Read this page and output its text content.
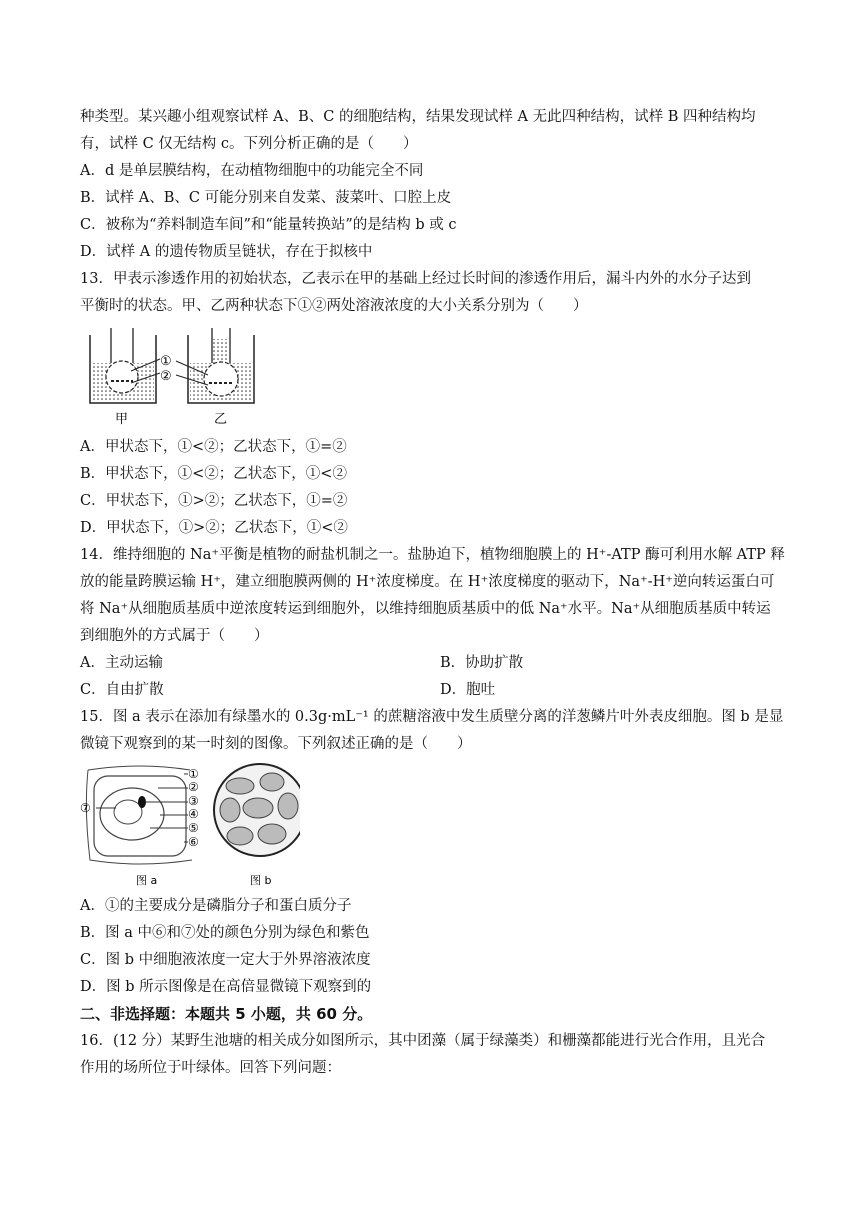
种类型。某兴趣小组观察试样 A、B、C 的细胞结构，结果发现试样 A 无此四种结构，试样 B 四种结构均
有，试样 C 仅无结构 c。下列分析正确的是（　　）
A．d 是单层膜结构，在动植物细胞中的功能完全不同
B．试样 A、B、C 可能分别来自发菜、菠菜叶、口腔上皮
C．被称为“养料制造车间”和“能量转换站”的是结构 b 或 c
D．试样 A 的遗传物质呈链状，存在于拟核中
13．甲表示渗透作用的初始状态，乙表示在甲的基础上经过长时间的渗透作用后，漏斗内外的水分子达到
平衡时的状态。甲、乙两种状态下①②两处溶液浓度的大小关系分别为（　　）
①
②
甲	乙
A．甲状态下，①<②；乙状态下，①=②
B．甲状态下，①<②；乙状态下，①<②
C．甲状态下，①>②；乙状态下，①=②
D．甲状态下，①>②；乙状态下，①<②
14．维持细胞的 Na⁺平衡是植物的耐盐机制之一。盐胁迫下，植物细胞膜上的 H⁺-ATP 酶可利用水解 ATP 释
放的能量跨膜运输 H⁺，建立细胞膜两侧的 H⁺浓度梯度。在 H⁺浓度梯度的驱动下，Na⁺-H⁺逆向转运蛋白可
将 Na⁺从细胞质基质中逆浓度转运到细胞外，以维持细胞质基质中的低 Na⁺水平。Na⁺从细胞质基质中转运
到细胞外的方式属于（　　）
A．主动运输	B．协助扩散
C．自由扩散	D．胞吐
15．图 a 表示在添加有绿墨水的 0.3g·mL⁻¹ 的蔗糖溶液中发生质壁分离的洋葱鳞片叶外表皮细胞。图 b 是显
微镜下观察到的某一时刻的图像。下列叙述正确的是（　　）
①
②
③
④
⑤
⑥
⑦
图 a	图 b
A．①的主要成分是磷脂分子和蛋白质分子
B．图 a 中⑥和⑦处的颜色分别为绿色和紫色
C．图 b 中细胞液浓度一定大于外界溶液浓度
D．图 b 所示图像是在高倍显微镜下观察到的
二、非选择题：本题共 5 小题，共 60 分。
16．(12 分）某野生池塘的相关成分如图所示，其中团藻（属于绿藻类）和栅藻都能进行光合作用，且光合
作用的场所位于叶绿体。回答下列问题：
